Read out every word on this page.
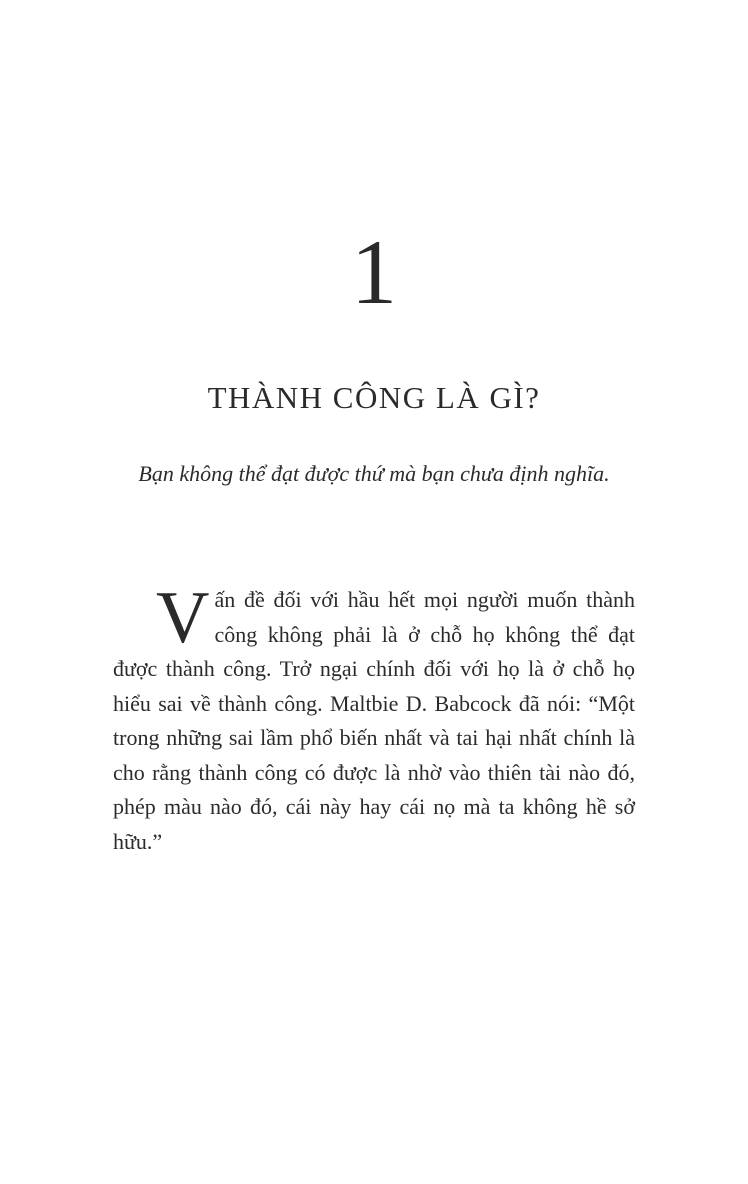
1
THÀNH CÔNG LÀ GÌ?
Bạn không thể đạt được thứ mà bạn chưa định nghĩa.
Vấn đề đối với hầu hết mọi người muốn thành công không phải là ở chỗ họ không thể đạt được thành công. Trở ngại chính đối với họ là ở chỗ họ hiểu sai về thành công. Maltbie D. Babcock đã nói: “Một trong những sai lầm phổ biến nhất và tai hại nhất chính là cho rằng thành công có được là nhờ vào thiên tài nào đó, phép màu nào đó, cái này hay cái nọ mà ta không hề sở hữu.”
